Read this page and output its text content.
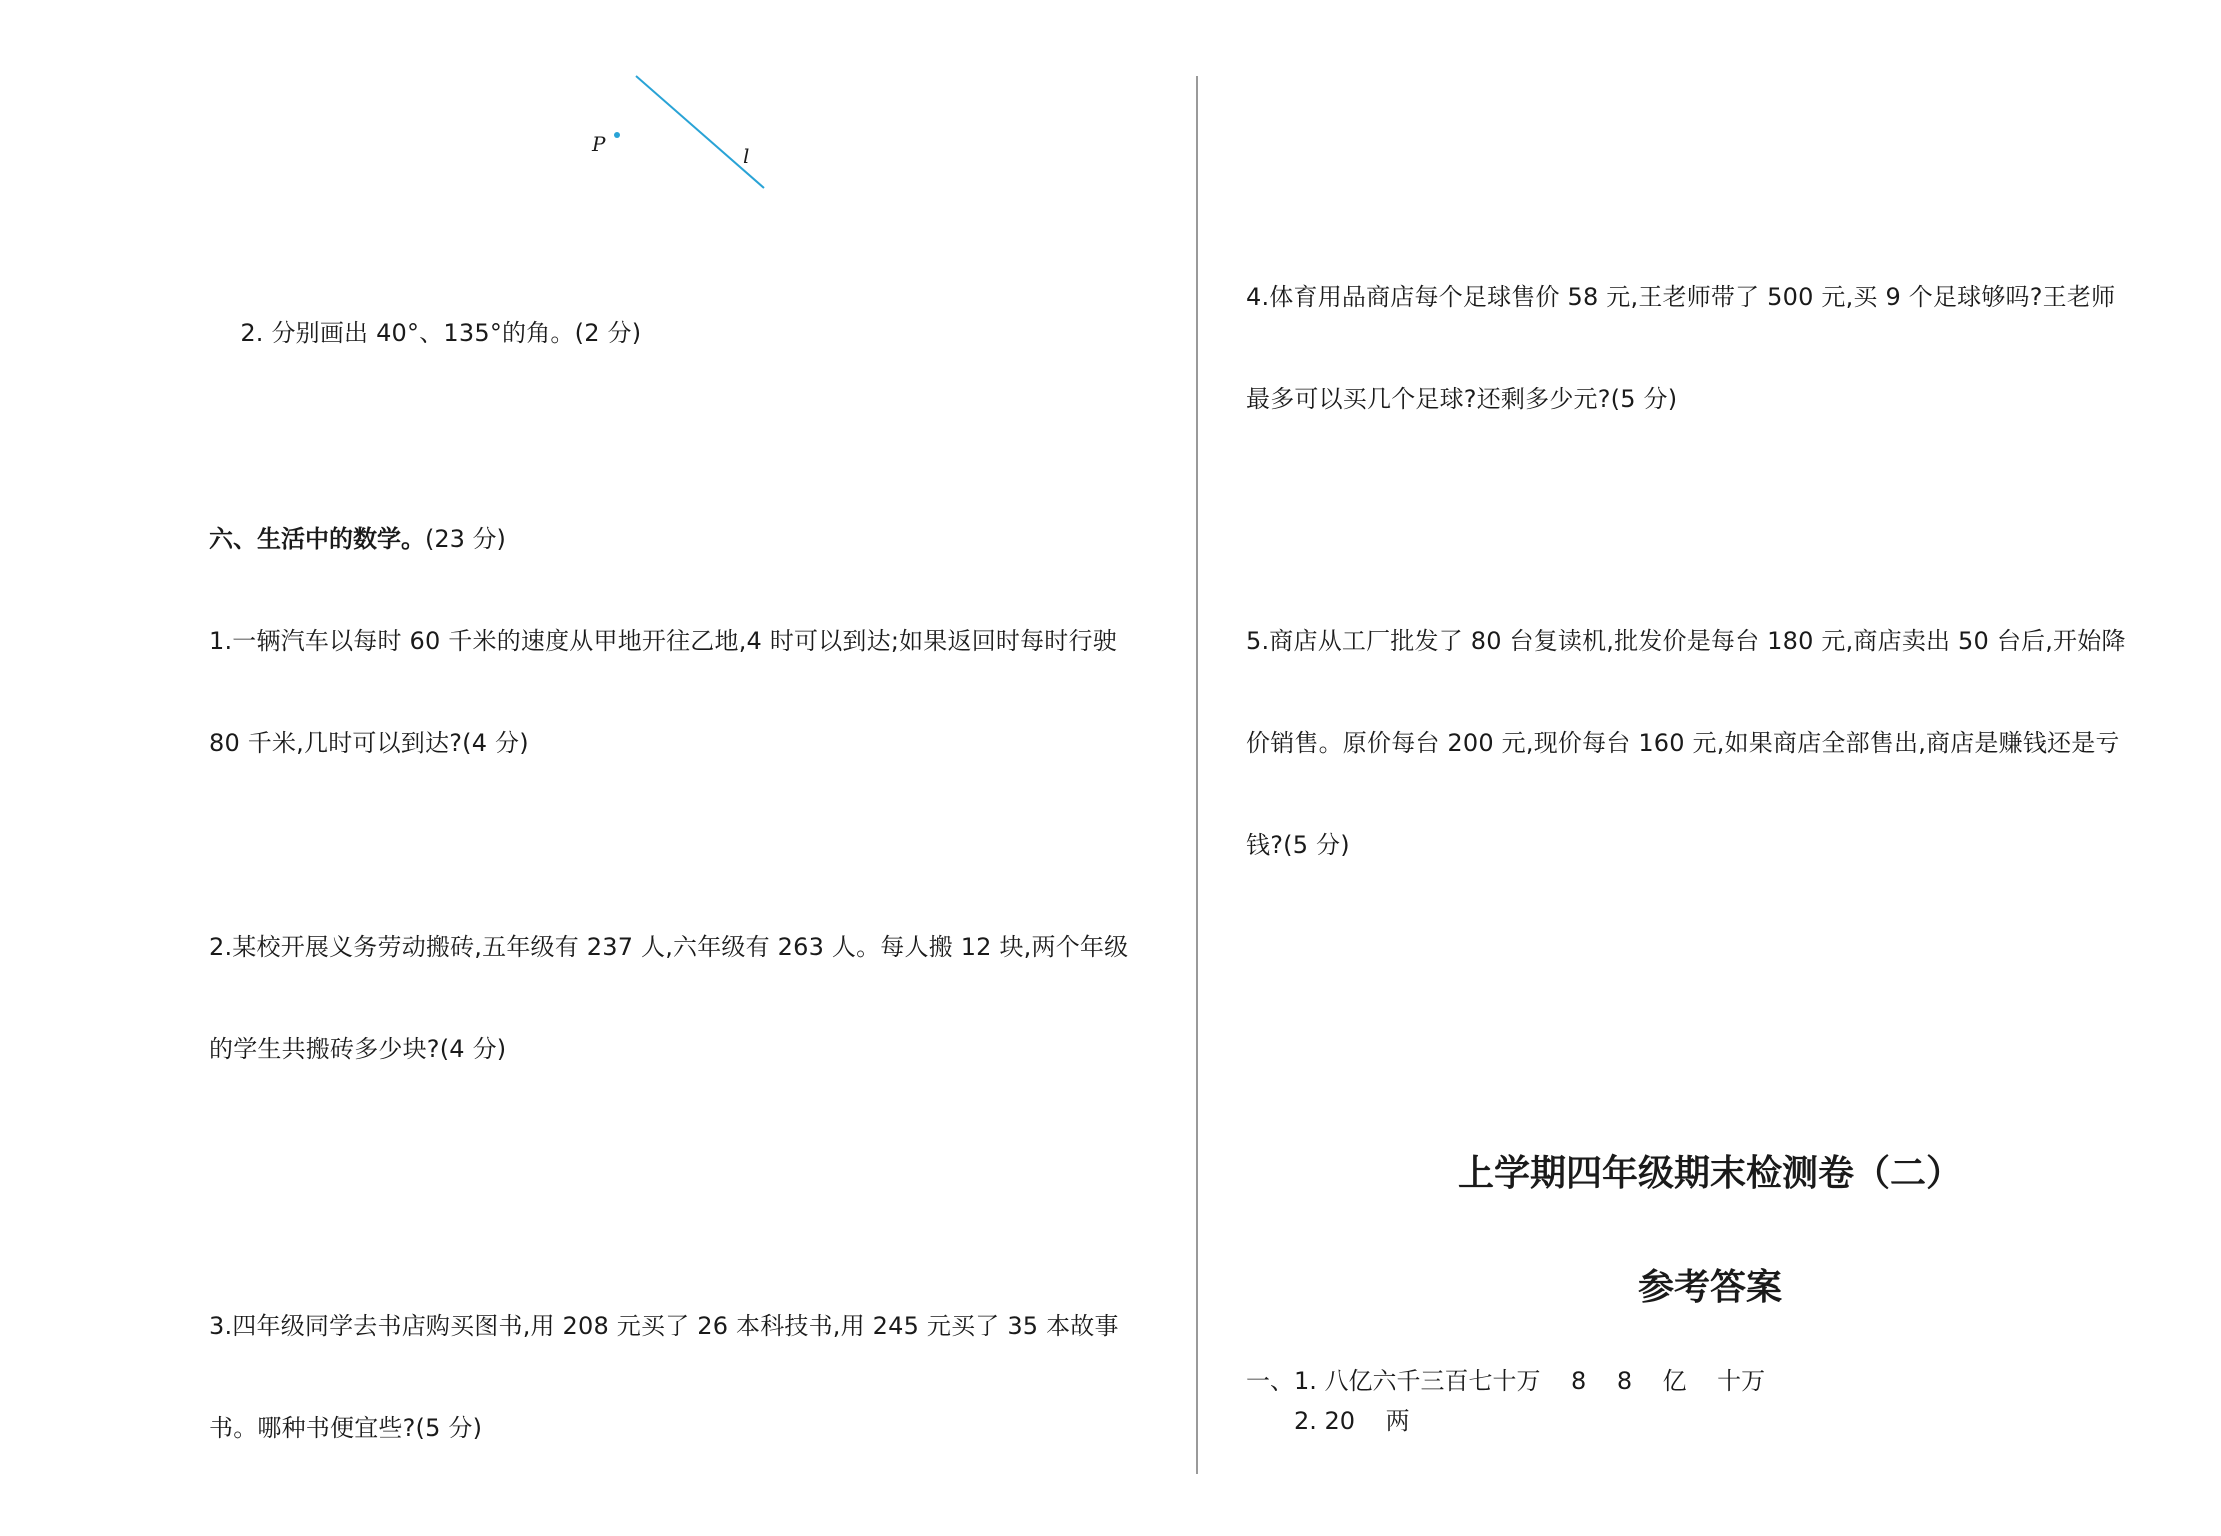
P	l

2. 分别画出 40°、135°的角。(2 分)

六、生活中的数学。(23 分)

1.一辆汽车以每时 60 千米的速度从甲地开往乙地,4 时可以到达;如果返回时每时行驶

80 千米,几时可以到达?(4 分)

2.某校开展义务劳动搬砖,五年级有 237 人,六年级有 263 人。每人搬 12 块,两个年级

的学生共搬砖多少块?(4 分)

3.四年级同学去书店购买图书,用 208 元买了 26 本科技书,用 245 元买了 35 本故事

书。哪种书便宜些?(5 分)

4.体育用品商店每个足球售价 58 元,王老师带了 500 元,买 9 个足球够吗?王老师

最多可以买几个足球?还剩多少元?(5 分)

5.商店从工厂批发了 80 台复读机,批发价是每台 180 元,商店卖出 50 台后,开始降

价销售。原价每台 200 元,现价每台 160 元,如果商店全部售出,商店是赚钱还是亏

钱?(5 分)

上学期四年级期末检测卷（二）
参考答案
一、1. 八亿六千三百七十万    8    8    亿    十万
2. 20    两
